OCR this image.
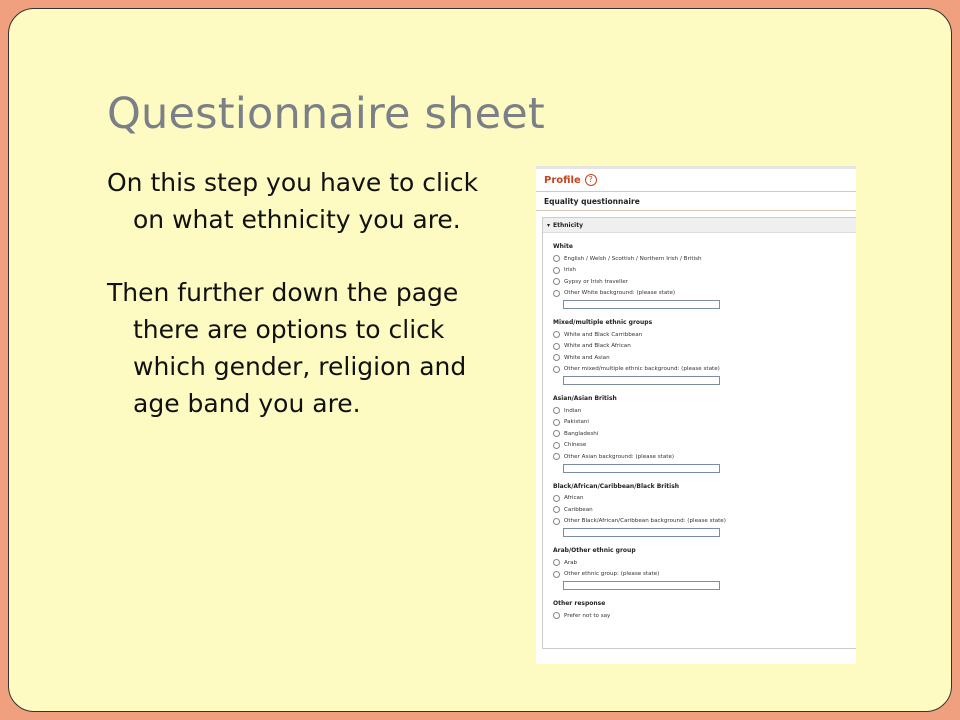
Questionnaire sheet

On this step you have to click on what ethnicity you are.

Then further down the page there are options to click which gender, religion and age band you are.

Profile ?
Equality questionnaire
▾ Ethnicity
White
English / Welsh / Scottish / Northern Irish / British
Irish
Gypsy or Irish traveller
Other White background: (please state)
Mixed/multiple ethnic groups
White and Black Carribbean
White and Black African
White and Asian
Other mixed/multiple ethnic background: (please state)
Asian/Asian British
Indian
Pakistani
Bangladeshi
Chinese
Other Asian background: (please state)
Black/African/Caribbean/Black British
African
Caribbean
Other Black/African/Caribbean background: (please state)
Arab/Other ethnic group
Arab
Other ethnic group: (please state)
Other response
Prefer not to say
